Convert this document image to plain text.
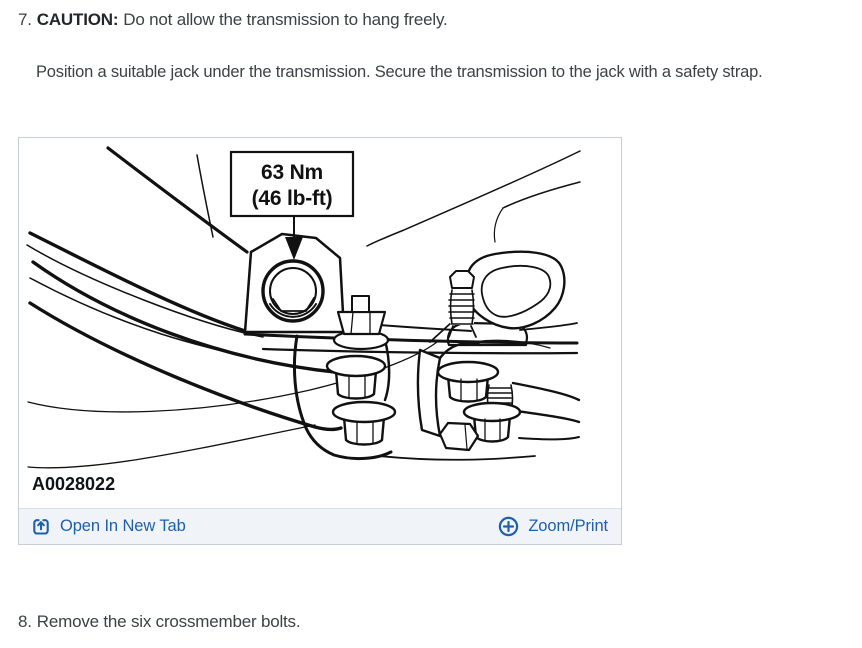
7. CAUTION: Do not allow the transmission to hang freely.
Position a suitable jack under the transmission. Secure the transmission to the jack with a safety strap.
63 Nm
(46 lb-ft)
A0028022
Open In New Tab	Zoom/Print
8. Remove the six crossmember bolts.
